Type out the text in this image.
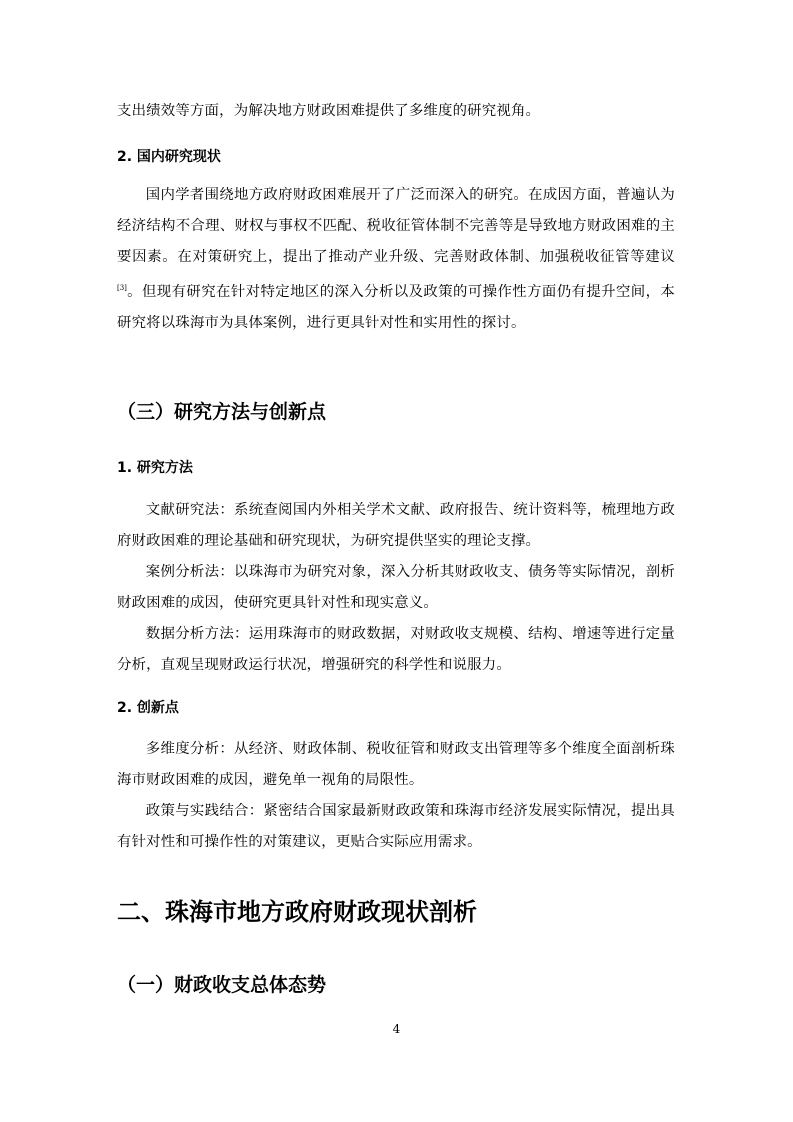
支出绩效等方面，为解决地方财政困难提供了多维度的研究视角。

2. 国内研究现状

国内学者围绕地方政府财政困难展开了广泛而深入的研究。在成因方面，普遍认为经济结构不合理、财权与事权不匹配、税收征管体制不完善等是导致地方财政困难的主要因素。在对策研究上，提出了推动产业升级、完善财政体制、加强税收征管等建议[3]。但现有研究在针对特定地区的深入分析以及政策的可操作性方面仍有提升空间，本研究将以珠海市为具体案例，进行更具针对性和实用性的探讨。

（三）研究方法与创新点
1. 研究方法

文献研究法：系统查阅国内外相关学术文献、政府报告、统计资料等，梳理地方政府财政困难的理论基础和研究现状，为研究提供坚实的理论支撑。

案例分析法：以珠海市为研究对象，深入分析其财政收支、债务等实际情况，剖析财政困难的成因，使研究更具针对性和现实意义。

数据分析方法：运用珠海市的财政数据，对财政收支规模、结构、增速等进行定量分析，直观呈现财政运行状况，增强研究的科学性和说服力。

2. 创新点

多维度分析：从经济、财政体制、税收征管和财政支出管理等多个维度全面剖析珠海市财政困难的成因，避免单一视角的局限性。

政策与实践结合：紧密结合国家最新财政政策和珠海市经济发展实际情况，提出具有针对性和可操作性的对策建议，更贴合实际应用需求。

二、珠海市地方政府财政现状剖析
（一）财政收支总体态势
4
